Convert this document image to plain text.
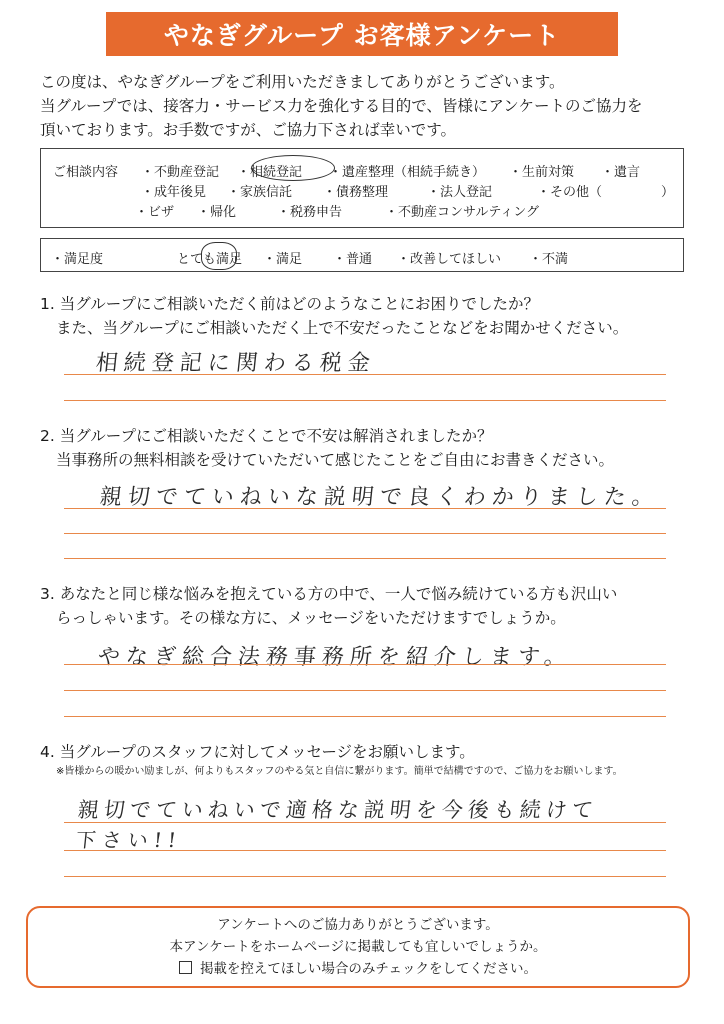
やなぎグループ お客様アンケート
この度は、やなぎグループをご利用いただきましてありがとうございます。
当グループでは、接客力・サービス力を強化する目的で、皆様にアンケートのご協力を
頂いております。お手数ですが、ご協力下されば幸いです。
ご相談内容 ・不動産登記 ・相続登記 ・遺産整理（相続手続き） ・生前対策 ・遺言
・成年後見 ・家族信託 ・債務整理	・法人登記	・その他（	）
・ビザ ・帰化	・税務申告	・不動産コンサルティング
・満足度	とても満足 ・満足 ・普通 ・改善してほしい ・不満
1. 当グループにご相談いただく前はどのようなことにお困りでしたか？
また、当グループにご相談いただく上で不安だったことなどをお聞かせください。
相続登記に関わる税金
2. 当グループにご相談いただくことで不安は解消されましたか？
当事務所の無料相談を受けていただいて感じたことをご自由にお書きください。
親切でていねいな説明で良くわかりました。
3. あなたと同じ様な悩みを抱えている方の中で、一人で悩み続けている方も沢山い
らっしゃいます。その様な方に、メッセージをいただけますでしょうか。
やなぎ総合法務事務所を紹介します。
4. 当グループのスタッフに対してメッセージをお願いします。
※皆様からの暖かい励ましが、何よりもスタッフのやる気と自信に繋がります。簡単で結構ですので、ご協力をお願いします。
親切でていねいで適格な説明を今後も続けて
下さい!!
アンケートへのご協力ありがとうございます。
本アンケートをホームページに掲載しても宜しいでしょうか。
掲載を控えてほしい場合のみチェックをしてください。
